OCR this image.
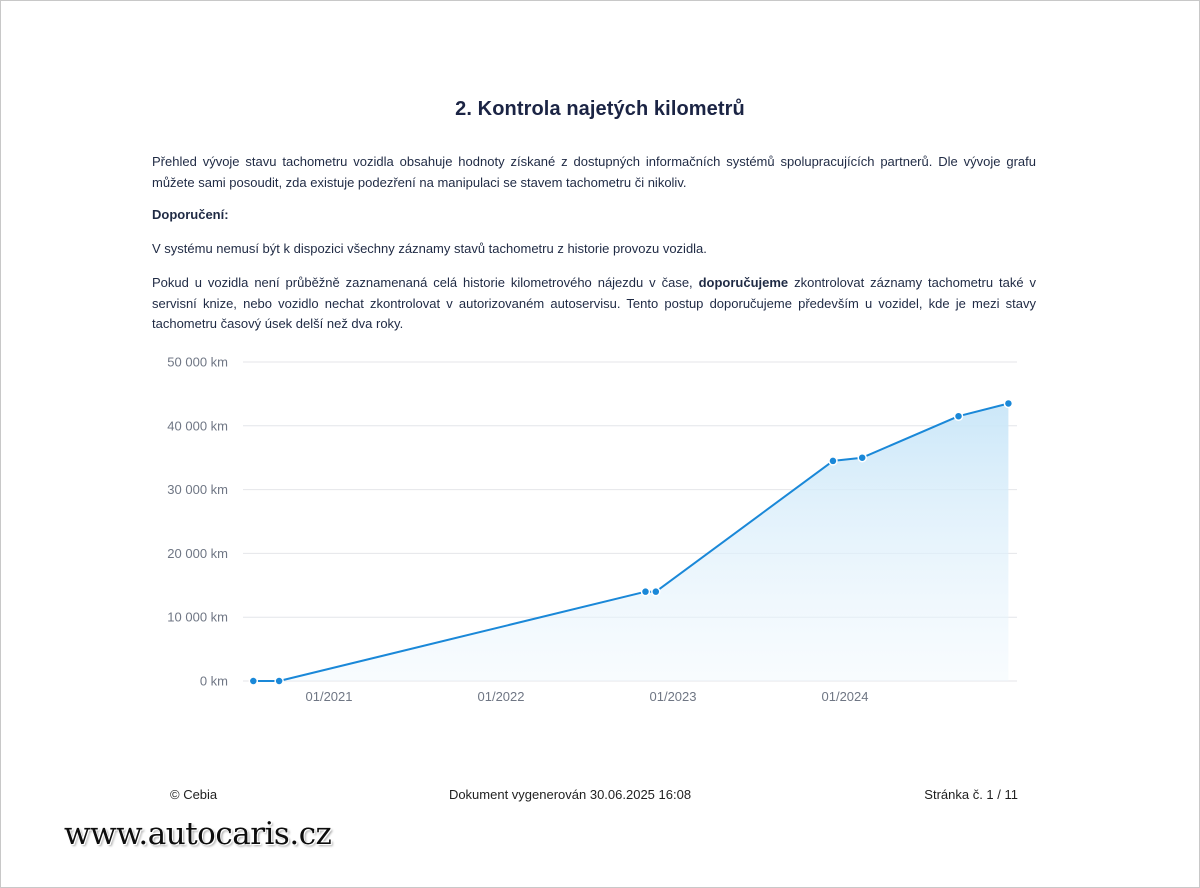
2. Kontrola najetých kilometrů

Přehled vývoje stavu tachometru vozidla obsahuje hodnoty získané z dostupných informačních systémů spolupracujících partnerů. Dle vývoje grafu můžete sami posoudit, zda existuje podezření na manipulaci se stavem tachometru či nikoliv.

Doporučení:

V systému nemusí být k dispozici všechny záznamy stavů tachometru z historie provozu vozidla.

Pokud u vozidla není průběžně zaznamenaná celá historie kilometrového nájezdu v čase, doporučujeme zkontrolovat záznamy tachometru také v servisní knize, nebo vozidlo nechat zkontrolovat v autorizovaném autoservisu. Tento postup doporučujeme především u vozidel, kde je mezi stavy tachometru časový úsek delší než dva roky.

0 km
10 000 km
20 000 km
30 000 km
40 000 km
50 000 km
01/2021	01/2022	01/2023	01/2024
© Cebia	Dokument vygenerován 30.06.2025 16:08	Stránka č. 1 / 11
www.autocaris.cz
